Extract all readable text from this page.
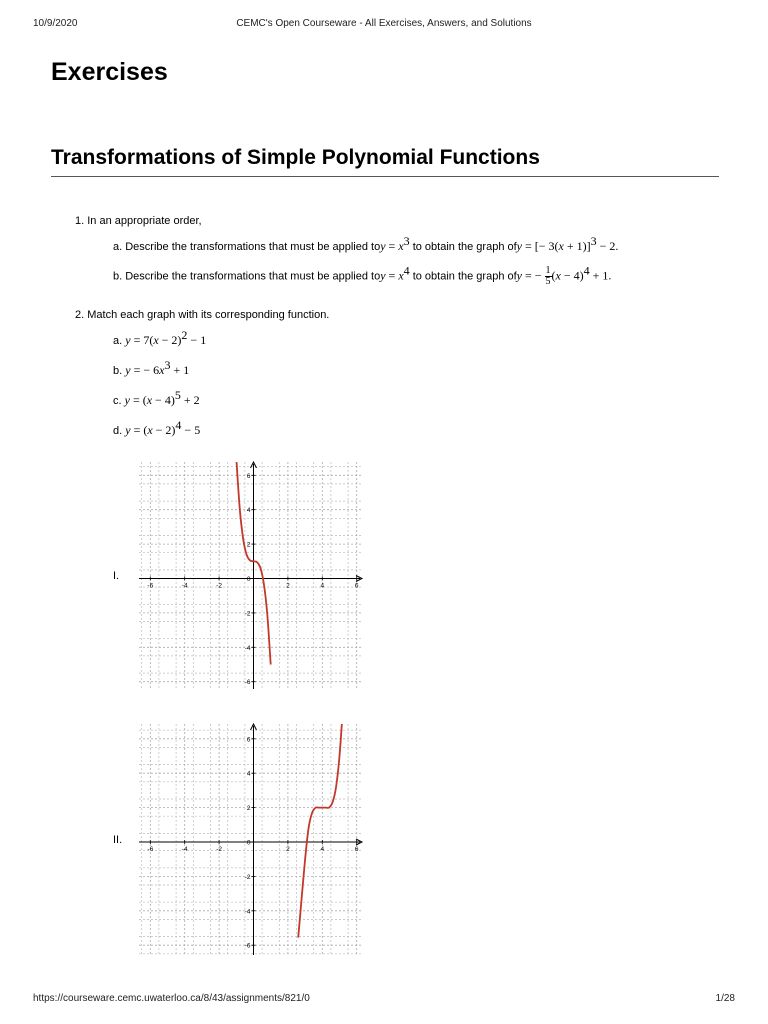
10/9/2020	CEMC's Open Courseware - All Exercises, Answers, and Solutions
Exercises
Transformations of Simple Polynomial Functions
1. In an appropriate order,
a. Describe the transformations that must be applied toy = $x^3$ to obtain the graph ofy = [− 3(x + 1)]$^3$ − 2.
b. Describe the transformations that must be applied toy = $x^4$ to obtain the graph ofy = − $\frac{1}{5} (x - 4)^4 + 1$.
2. Match each graph with its corresponding function.
a. $y = 7(x - 2)^2 - 1$
b. y = − $6x^3 + 1$
c. $y = (x - 4)^5 + 2$
d. $y = (x - 2)^4 - 5$
I.
-6	-4	-2	2	4	6
-6
-4
-2
0
2
4
6
II.
-6	-4	-2	2	4	6
-6
-4
-2
0
2
4
6
https://courseware.cemc.uwaterloo.ca/8/43/assignments/821/0	1/28
